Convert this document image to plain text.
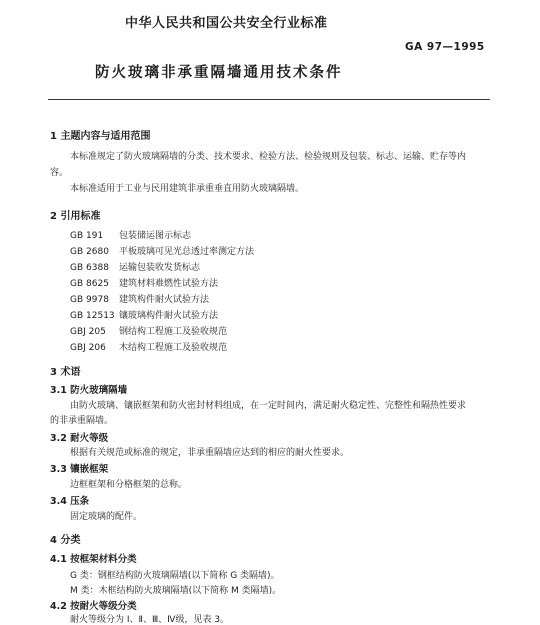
中华人民共和国公共安全行业标准
GA 97—1995
防火玻璃非承重隔墙通用技术条件
1 主题内容与适用范围
本标准规定了防火玻璃隔墙的分类、技术要求、检验方法、检验规则及包装、标志、运输、贮存等内
容。
本标准适用于工业与民用建筑非承重垂直用防火玻璃隔墙。
2 引用标准
GB 191 包装储运图示标志
GB 2680 平板玻璃可见光总透过率测定方法
GB 6388 运输包装收发货标志
GB 8625 建筑材料难燃性试验方法
GB 9978 建筑构件耐火试验方法
GB 12513 镶玻璃构件耐火试验方法
GBJ 205 钢结构工程施工及验收规范
GBJ 206 木结构工程施工及验收规范
3 术语
3.1 防火玻璃隔墙
由防火玻璃、镶嵌框架和防火密封材料组成，在一定时间内，满足耐火稳定性、完整性和隔热性要求
的非承重隔墙。
3.2 耐火等级
根据有关规范或标准的规定，非承重隔墙应达到的相应的耐火性要求。
3.3 镶嵌框架
边框框架和分格框架的总称。
3.4 压条
固定玻璃的配件。
4 分类
4.1 按框架材料分类
G 类：钢框结构防火玻璃隔墙(以下简称 G 类隔墙)。
M 类：木框结构防火玻璃隔墙(以下简称 M 类隔墙)。
4.2 按耐火等级分类
耐火等级分为 Ⅰ、Ⅱ、Ⅲ、Ⅳ级，见表 3。
